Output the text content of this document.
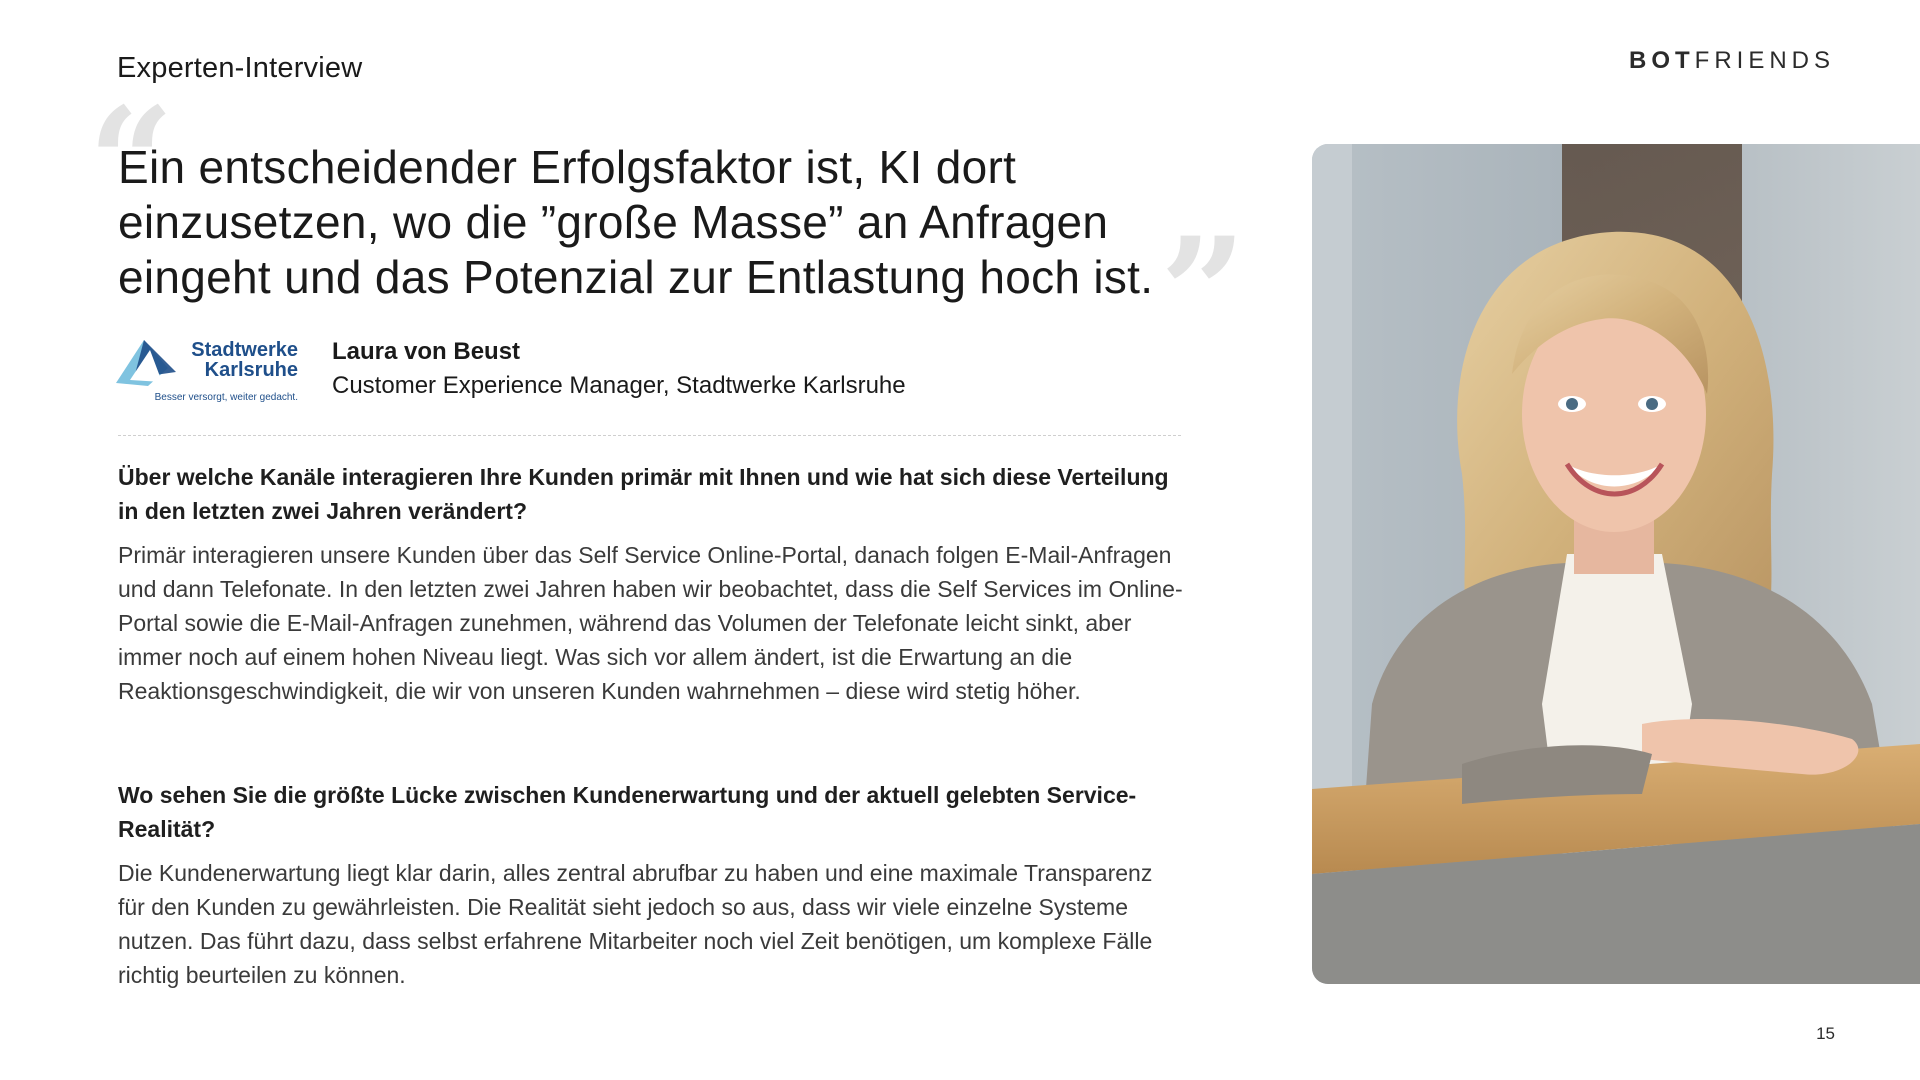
Experten-Interview	BOTFRIENDS
“
”
Ein entscheidender Erfolgsfaktor ist, KI dort einzusetzen, wo die ”große Masse” an Anfragen eingeht und das Potenzial zur Entlastung hoch ist.
Stadtwerke
Karlsruhe
Besser versorgt, weiter gedacht.
Laura von Beust
Customer Experience Manager, Stadtwerke Karlsruhe
Über welche Kanäle interagieren Ihre Kunden primär mit Ihnen und wie hat sich diese Verteilung in den letzten zwei Jahren verändert?
Primär interagieren unsere Kunden über das Self Service Online-Portal, danach folgen E-Mail-Anfragen und dann Telefonate. In den letzten zwei Jahren haben wir beobachtet, dass die Self Services im Online-Portal sowie die E-Mail-Anfragen zunehmen, während das Volumen der Telefonate leicht sinkt, aber immer noch auf einem hohen Niveau liegt. Was sich vor allem ändert, ist die Erwartung an die Reaktionsgeschwindigkeit, die wir von unseren Kunden wahrnehmen – diese wird stetig höher.
Wo sehen Sie die größte Lücke zwischen Kundenerwartung und der aktuell gelebten Service-Realität?
Die Kundenerwartung liegt klar darin, alles zentral abrufbar zu haben und eine maximale Transparenz für den Kunden zu gewährleisten. Die Realität sieht jedoch so aus, dass wir viele einzelne Systeme nutzen. Das führt dazu, dass selbst erfahrene Mitarbeiter noch viel Zeit benötigen, um komplexe Fälle richtig beurteilen zu können.
15
